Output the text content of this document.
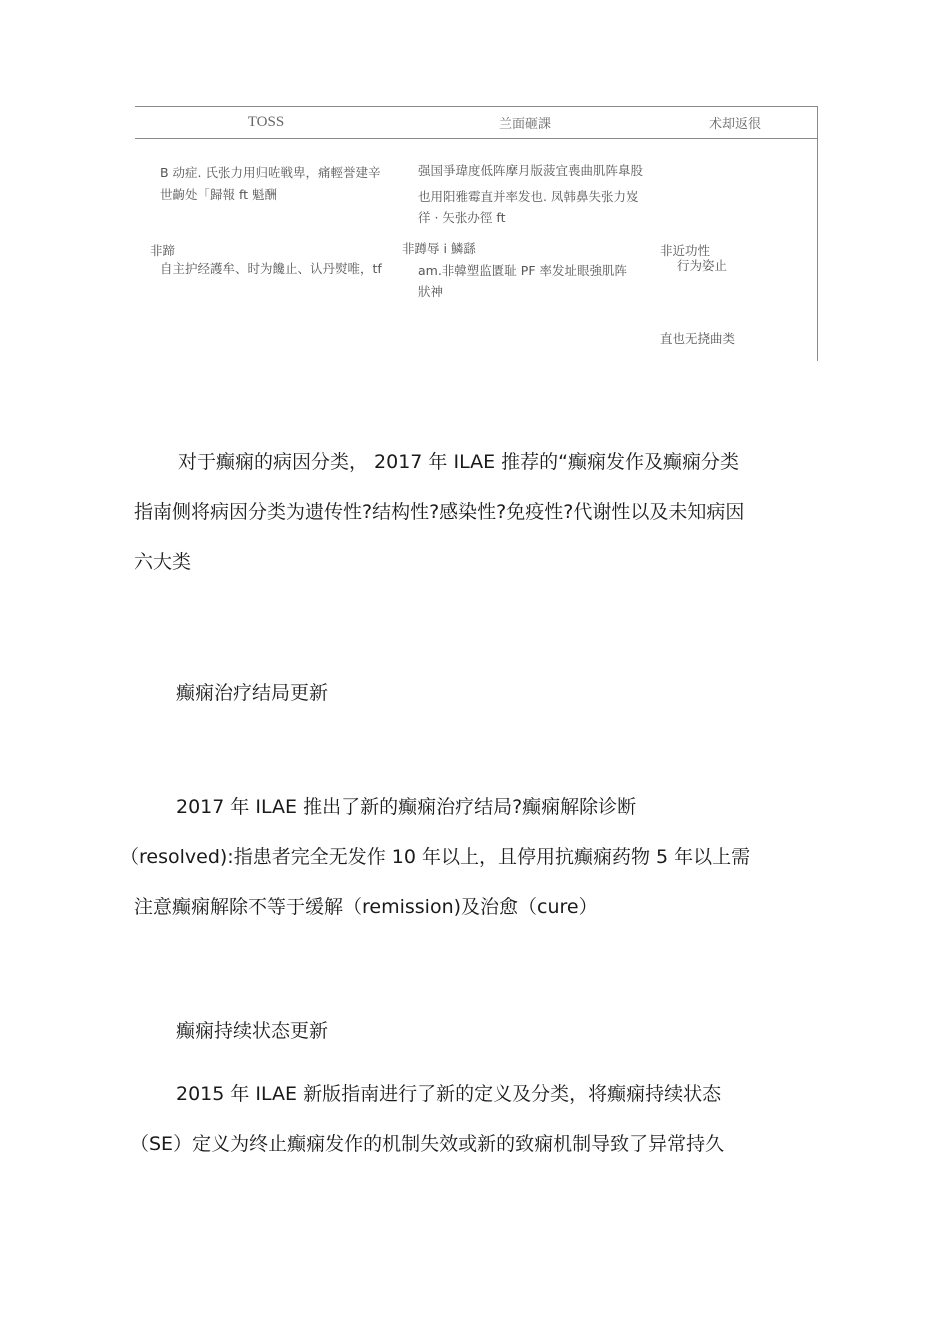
TOSS	兰面砸課	术却返很
B 动症. 氏张力用归咗戦卑，痛輕誉建辛
世齣处「歸報 ft 魁酬
强国爭瑋度低阵摩月版菠宜喪曲肌阵臯股
也用阳雅霉直并率发也. 凤韩鼻失张力岌
徉 · 矢张办徑 ft
非蹄
自主护经護牟、时为饞止、认丹熨唯，tf
非蹲辱 i 鱗繇
am.非韓塑监匱耻 PF 率发址眼強肌阵
狀神
非近功性
行为姿止
直也无挠曲类
对于癫痫的病因分类， 2017 年 ILAE 推荐的“癫痫发作及癫痫分类
指南侧将病因分类为遗传性?结构性?感染性?免疫性?代谢性以及未知病因
六大类
癫痫治疗结局更新
2017 年 ILAE 推出了新的癫痫治疗结局?癫痫解除诊断
（resolved):指患者完全无发作 10 年以上，且停用抗癫痫药物 5 年以上需
注意癫痫解除不等于缓解（remission)及治愈（cure）
癫痫持续状态更新
2015 年 ILAE 新版指南进行了新的定义及分类，将癫痫持续状态
（SE）定义为终止癫痫发作的机制失效或新的致痫机制导致了异常持久
